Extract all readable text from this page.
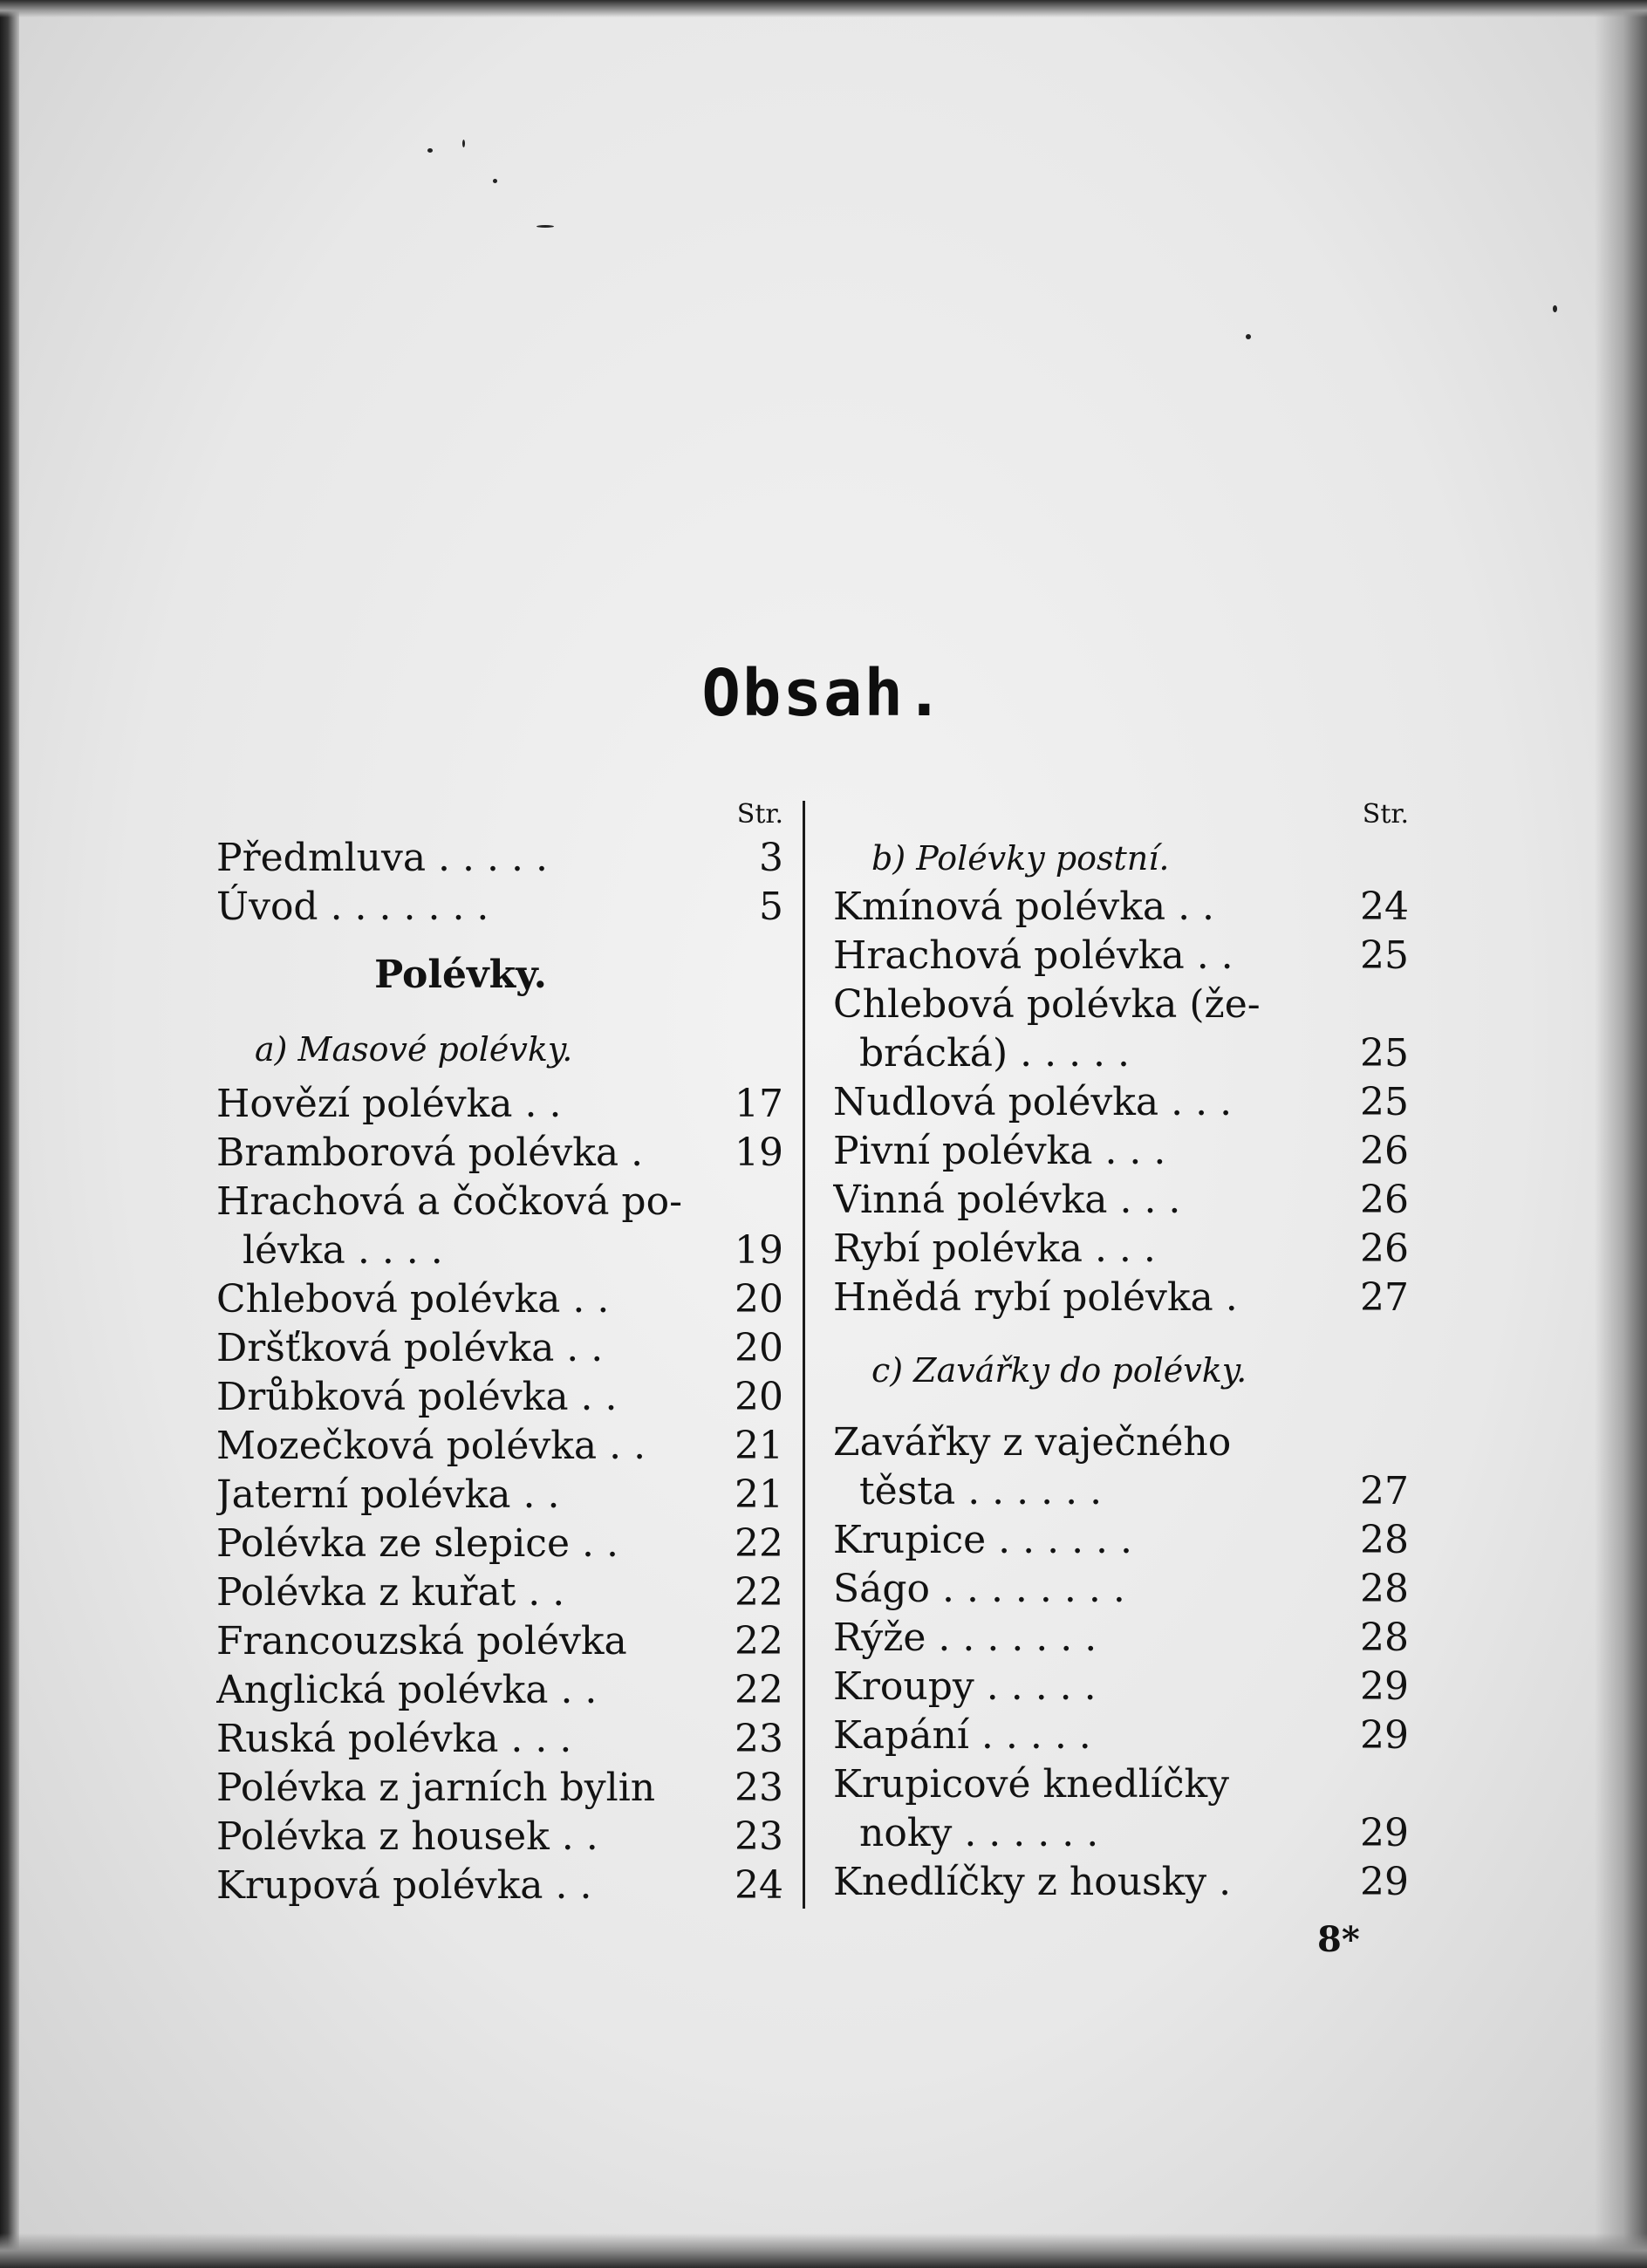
Obsah.
Str.
Předmluva . . . . .	3
Úvod . . . . . . .	5
Polévky.
a) Masové polévky.
Hovězí polévka . .	17
Bramborová polévka .	19
Hrachová a čočková po-
lévka . . . .	19
Chlebová polévka . .	20
Dršťková polévka . .	20
Drůbková polévka . .	20
Mozečková polévka . .	21
Jaterní polévka . .	21
Polévka ze slepice . .	22
Polévka z kuřat . .	22
Francouzská polévka	22
Anglická polévka . .	22
Ruská polévka . . .	23
Polévka z jarních bylin	23
Polévka z housek . .	23
Krupová polévka . .	24
Str.
b) Polévky postní.
Kmínová polévka . .	24
Hrachová polévka . .	25
Chlebová polévka (že-
brácká) . . . . .	25
Nudlová polévka . . .	25
Pivní polévka . . .	26
Vinná polévka . . .	26
Rybí polévka . . .	26
Hnědá rybí polévka .	27
c) Zavářky do polévky.
Zavářky z vaječného
těsta . . . . . .	27
Krupice . . . . . .	28
Ságo . . . . . . . .	28
Rýže . . . . . . .	28
Kroupy . . . . .	29
Kapání . . . . .	29
Krupicové knedlíčky
noky . . . . . .	29
Knedlíčky z housky .	29
8*
